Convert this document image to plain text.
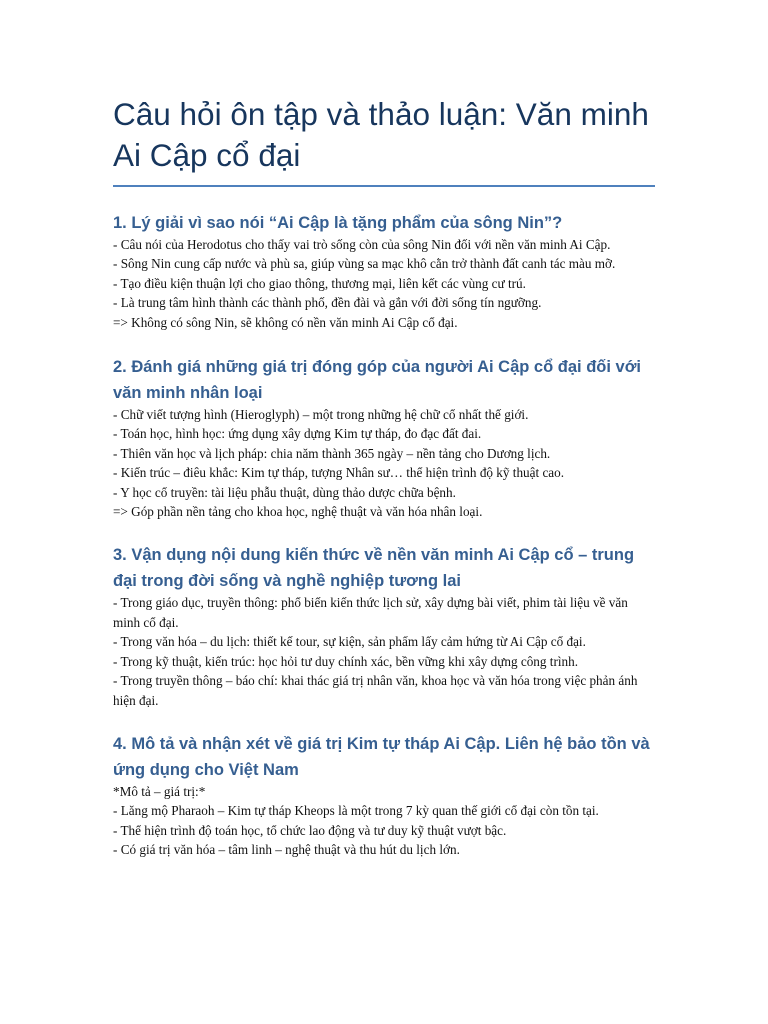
Câu hỏi ôn tập và thảo luận: Văn minh Ai Cập cổ đại
1. Lý giải vì sao nói “Ai Cập là tặng phẩm của sông Nin”?

- Câu nói của Herodotus cho thấy vai trò sống còn của sông Nin đối với nền văn minh Ai Cập.

- Sông Nin cung cấp nước và phù sa, giúp vùng sa mạc khô cằn trở thành đất canh tác màu mỡ.

- Tạo điều kiện thuận lợi cho giao thông, thương mại, liên kết các vùng cư trú.

- Là trung tâm hình thành các thành phố, đền đài và gắn với đời sống tín ngưỡng.

=> Không có sông Nin, sẽ không có nền văn minh Ai Cập cổ đại.

2. Đánh giá những giá trị đóng góp của người Ai Cập cổ đại đối với văn minh nhân loại

- Chữ viết tượng hình (Hieroglyph) – một trong những hệ chữ cổ nhất thế giới.

- Toán học, hình học: ứng dụng xây dựng Kim tự tháp, đo đạc đất đai.

- Thiên văn học và lịch pháp: chia năm thành 365 ngày – nền tảng cho Dương lịch.

- Kiến trúc – điêu khắc: Kim tự tháp, tượng Nhân sư… thể hiện trình độ kỹ thuật cao.

- Y học cổ truyền: tài liệu phẫu thuật, dùng thảo dược chữa bệnh.

=> Góp phần nền tảng cho khoa học, nghệ thuật và văn hóa nhân loại.

3. Vận dụng nội dung kiến thức về nền văn minh Ai Cập cổ – trung đại trong đời sống và nghề nghiệp tương lai

- Trong giáo dục, truyền thông: phổ biến kiến thức lịch sử, xây dựng bài viết, phim tài liệu về văn minh cổ đại.

- Trong văn hóa – du lịch: thiết kế tour, sự kiện, sản phẩm lấy cảm hứng từ Ai Cập cổ đại.

- Trong kỹ thuật, kiến trúc: học hỏi tư duy chính xác, bền vững khi xây dựng công trình.

- Trong truyền thông – báo chí: khai thác giá trị nhân văn, khoa học và văn hóa trong việc phản ánh hiện đại.

4. Mô tả và nhận xét về giá trị Kim tự tháp Ai Cập. Liên hệ bảo tồn và ứng dụng cho Việt Nam

*Mô tả – giá trị:*

- Lăng mộ Pharaoh – Kim tự tháp Kheops là một trong 7 kỳ quan thế giới cổ đại còn tồn tại.

- Thể hiện trình độ toán học, tổ chức lao động và tư duy kỹ thuật vượt bậc.

- Có giá trị văn hóa – tâm linh – nghệ thuật và thu hút du lịch lớn.
